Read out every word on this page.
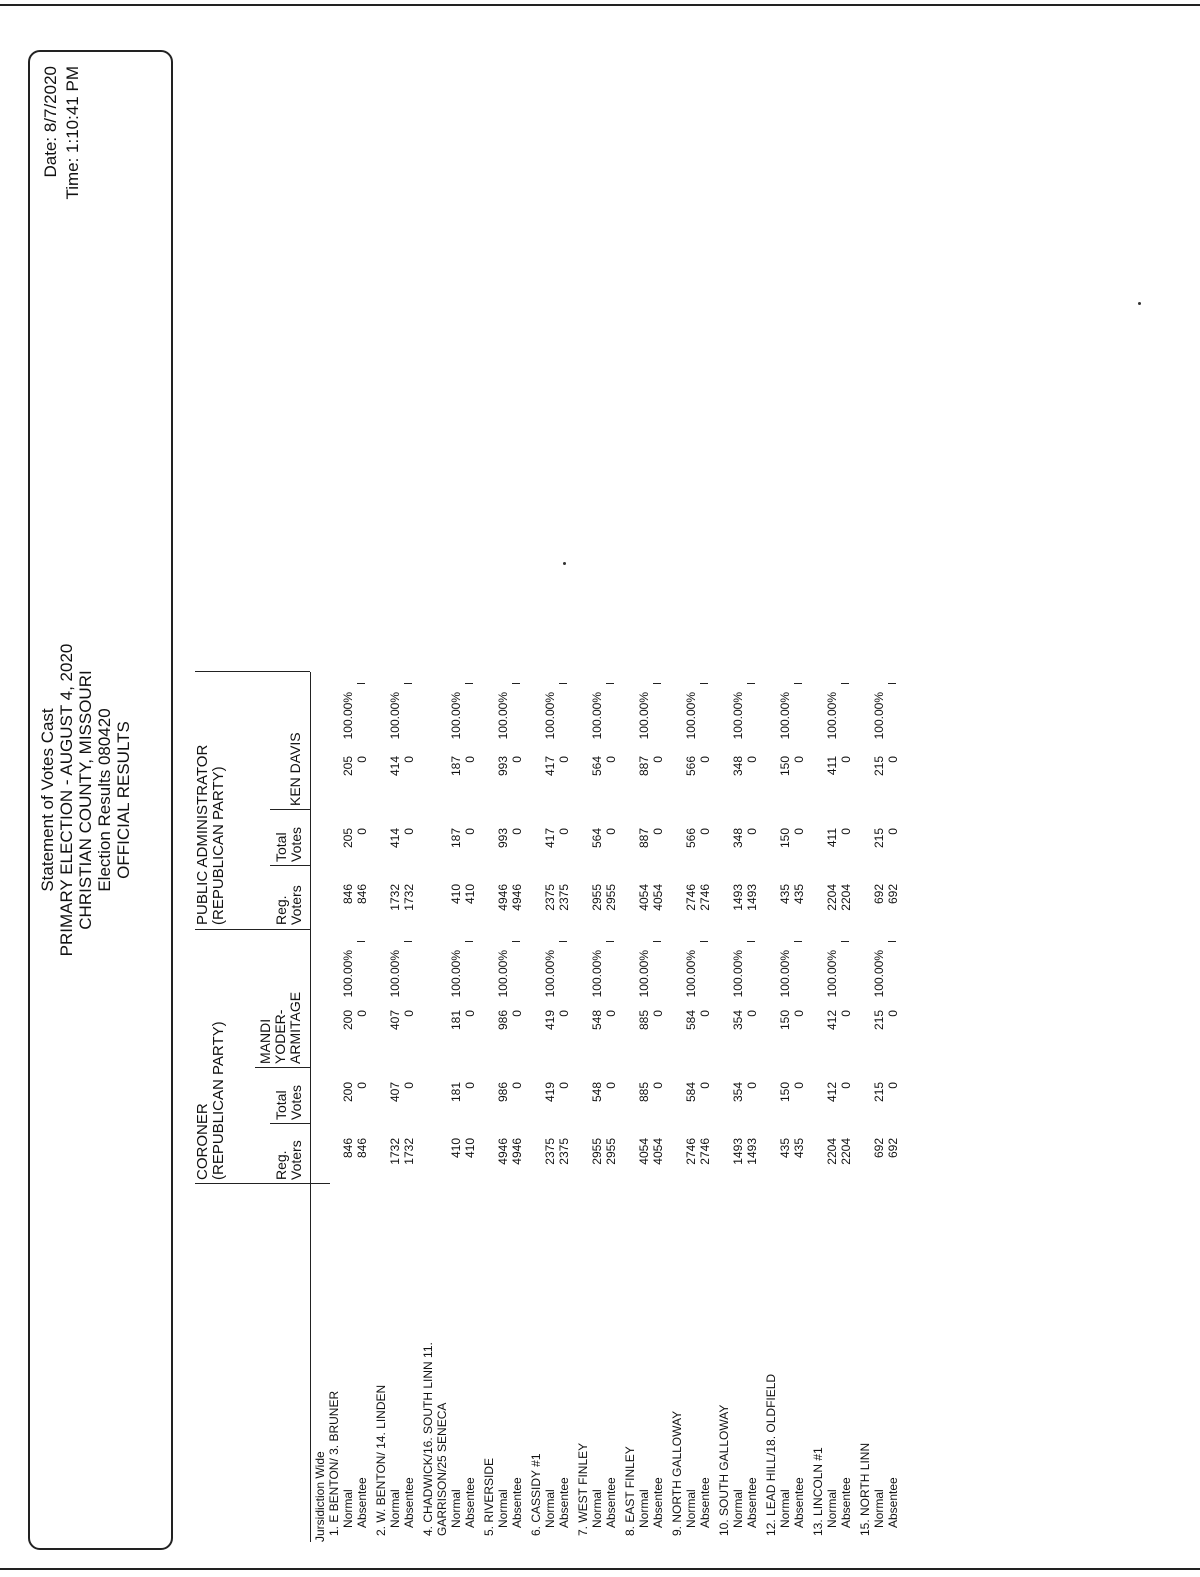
Statement of Votes Cast PRIMARY ELECTION - AUGUST 4, 2020 CHRISTIAN COUNTY, MISSOURI Election Results 080420 OFFICIAL RESULTS
Date: 8/7/2020 Time: 1:10:41 PM
CORONER (REPUBLICAN PARTY)
PUBLIC ADMINISTRATOR (REPUBLICAN PARTY)
Reg. Voters
Total Votes
MANDI YODER- ARMITAGE
Reg. Voters
Total Votes
KEN DAVIS
Jursidiction Wide 1. E BENTON/ 3. BRUNER Normal
846
200
200
100.00%
846
205
205
100.00%
Absentee
846
0
0
846
0
0
2. W. BENTON/ 14. LINDEN Normal
1732
407
407
100.00%
1732
414
414
100.00%
Absentee
1732
0
0
1732
0
0
4. CHADWICK/16. SOUTH LINN 11. GARRISON/25 SENECA Normal
410
181
181
100.00%
410
187
187
100.00%
Absentee
410
0
0
410
0
0
5. RIVERSIDE Normal
4946
986
986
100.00%
4946
993
993
100.00%
Absentee
4946
0
0
4946
0
0
6. CASSIDY #1 Normal
2375
419
419
100.00%
2375
417
417
100.00%
Absentee
2375
0
0
2375
0
0
7. WEST FINLEY Normal
2955
548
548
100.00%
2955
564
564
100.00%
Absentee
2955
0
0
2955
0
0
8. EAST FINLEY Normal
4054
885
885
100.00%
4054
887
887
100.00%
Absentee
4054
0
0
4054
0
0
9. NORTH GALLOWAY Normal
2746
584
584
100.00%
2746
566
566
100.00%
Absentee
2746
0
0
2746
0
0
10. SOUTH GALLOWAY Normal
1493
354
354
100.00%
1493
348
348
100.00%
Absentee
1493
0
0
1493
0
0
12. LEAD HILL/18. OLDFIELD Normal
435
150
150
100.00%
435
150
150
100.00%
Absentee
435
0
0
435
0
0
13. LINCOLN #1 Normal
2204
412
412
100.00%
2204
411
411
100.00%
Absentee
2204
0
0
2204
0
0
15. NORTH LINN Normal
692
215
215
100.00%
692
215
215
100.00%
Absentee
692
0
0
692
0
0
